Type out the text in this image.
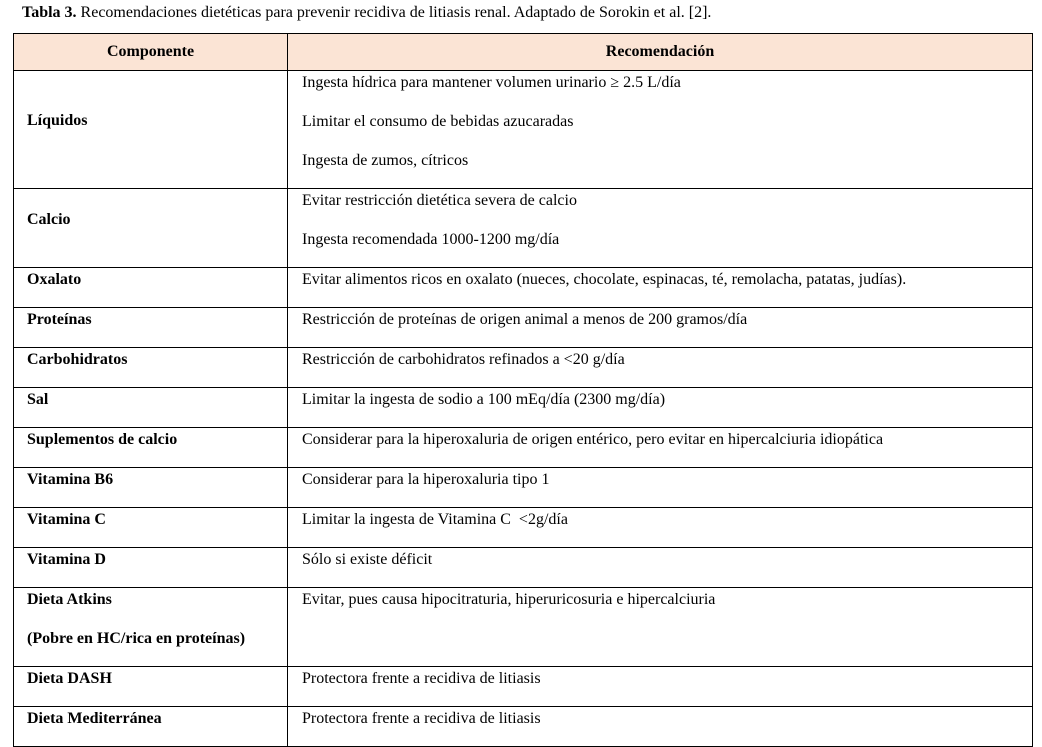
Tabla 3. Recomendaciones dietéticas para prevenir recidiva de litiasis renal. Adaptado de Sorokin et al. [2].
Componente	Recomendación

Líquidos	Ingesta hídrica para mantener volumen urinario ≥ 2.5 L/día
Limitar el consumo de bebidas azucaradas
Ingesta de zumos, cítricos

Calcio	Evitar restricción dietética severa de calcio
Ingesta recomendada 1000-1200 mg/día

Oxalato	Evitar alimentos ricos en oxalato (nueces, chocolate, espinacas, té, remolacha, patatas, judías).

Proteínas	Restricción de proteínas de origen animal a menos de 200 gramos/día

Carbohidratos	Restricción de carbohidratos refinados a <20 g/día

Sal	Limitar la ingesta de sodio a 100 mEq/día (2300 mg/día)

Suplementos de calcio	Considerar para la hiperoxaluria de origen entérico, pero evitar en hipercalciuria idiopática

Vitamina B6	Considerar para la hiperoxaluria tipo 1

Vitamina C	Limitar la ingesta de Vitamina C  <2g/día

Vitamina D	Sólo si existe déficit

Dieta Atkins
(Pobre en HC/rica en proteínas)	Evitar, pues causa hipocitraturia, hiperuricosuria e hipercalciuria

Dieta DASH	Protectora frente a recidiva de litiasis

Dieta Mediterránea	Protectora frente a recidiva de litiasis
